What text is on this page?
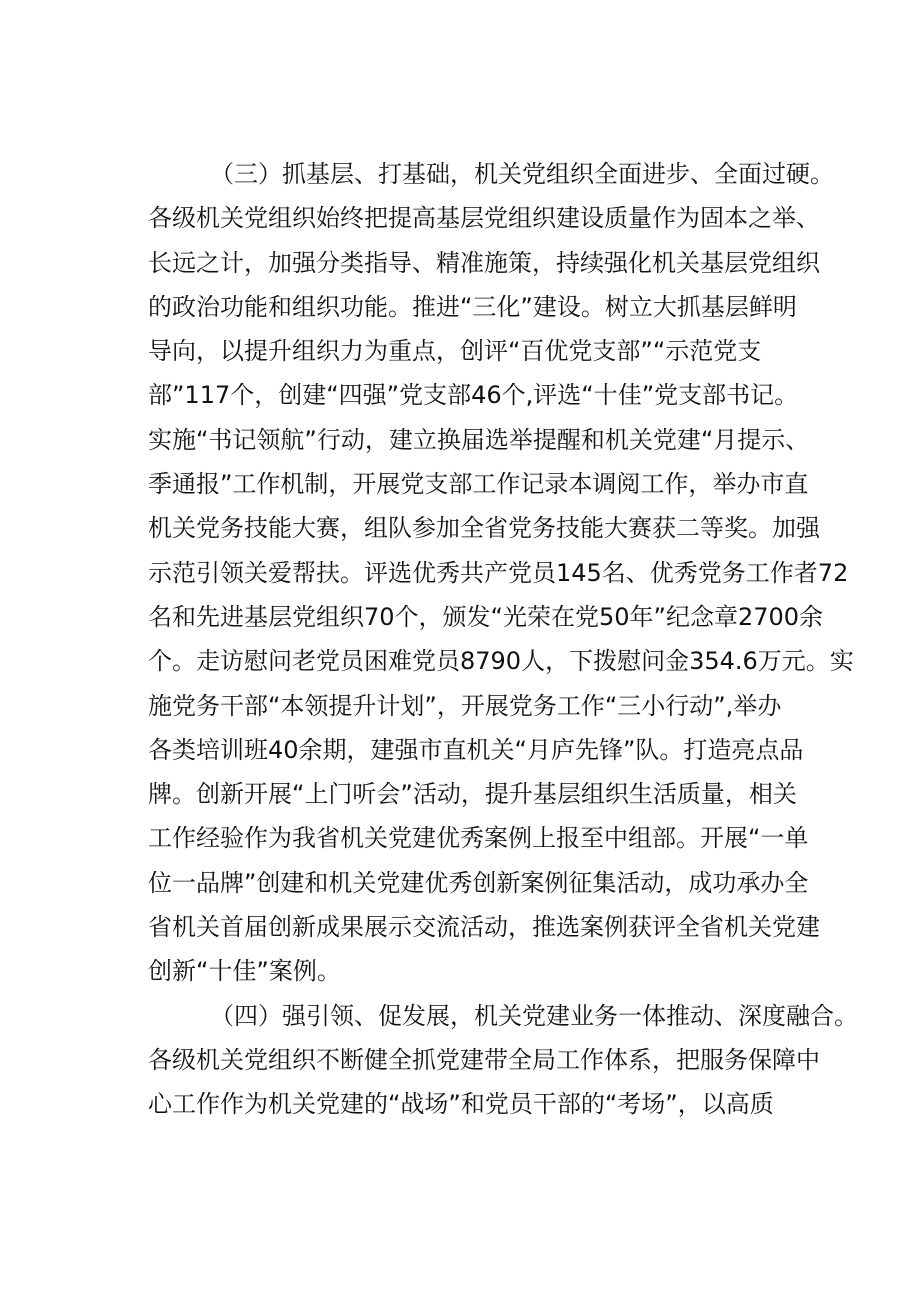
（三）抓基层、打基础，机关党组织全面进步、全面过硬。
各级机关党组织始终把提高基层党组织建设质量作为固本之举、
长远之计，加强分类指导、精准施策，持续强化机关基层党组织
的政治功能和组织功能。推进“三化”建设。树立大抓基层鲜明
导向，以提升组织力为重点，创评“百优党支部”“示范党支
部”117个，创建“四强”党支部46个,评选“十佳”党支部书记。
实施“书记领航”行动，建立换届选举提醒和机关党建“月提示、
季通报”工作机制，开展党支部工作记录本调阅工作，举办市直
机关党务技能大赛，组队参加全省党务技能大赛获二等奖。加强
示范引领关爱帮扶。评选优秀共产党员145名、优秀党务工作者72
名和先进基层党组织70个，颁发“光荣在党50年”纪念章2700余
个。走访慰问老党员困难党员8790人，下拨慰问金354.6万元。实
施党务干部“本领提升计划”，开展党务工作“三小行动”,举办
各类培训班40余期，建强市直机关“月庐先锋”队。打造亮点品
牌。创新开展“上门听会”活动，提升基层组织生活质量，相关
工作经验作为我省机关党建优秀案例上报至中组部。开展“一单
位一品牌”创建和机关党建优秀创新案例征集活动，成功承办全
省机关首届创新成果展示交流活动，推选案例获评全省机关党建
创新“十佳”案例。
（四）强引领、促发展，机关党建业务一体推动、深度融合。
各级机关党组织不断健全抓党建带全局工作体系，把服务保障中
心工作作为机关党建的“战场”和党员干部的“考场”，以高质
